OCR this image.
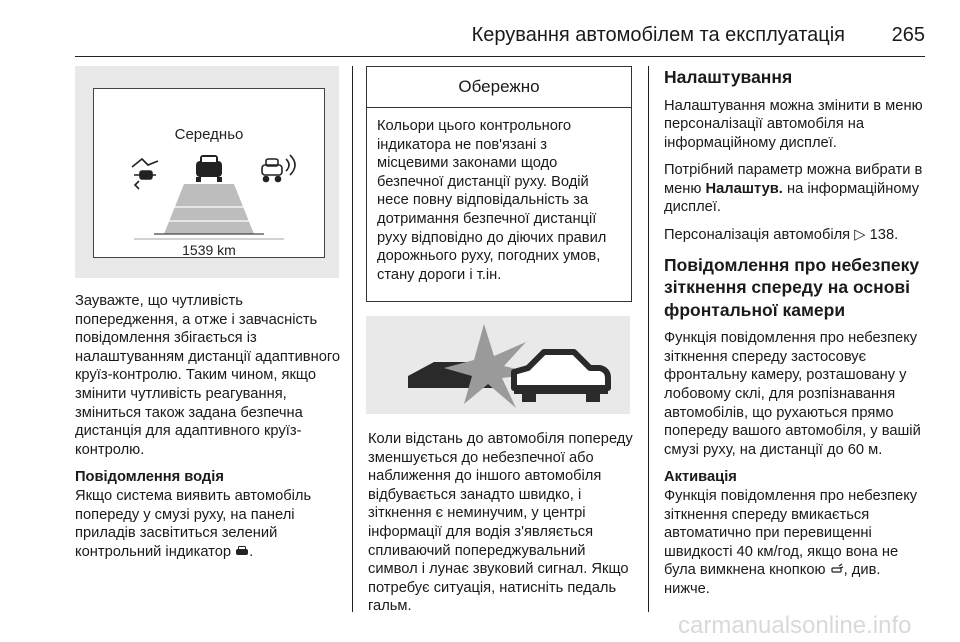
Керування автомобілем та експлуатація 265
Середньо
1539 km

Зауважте, що чутливість попередження, а отже і завчасність повідомлення збігається із налаштуванням дистанції адаптивного круїз-контролю. Таким чином, якщо змінити чутливість реагування, зміниться також задана безпечна дистанція для адаптивного круїз-контролю.

Повідомлення водія

Якщо система виявить автомобіль попереду у смузі руху, на панелі приладів засвітиться зелений контрольний індикатор .

Обережно
Кольори цього контрольного індикатора не пов'язані з місцевими законами щодо безпечної дистанції руху. Водій несе повну відповідальність за дотримання безпечної дистанції руху відповідно до діючих правил дорожнього руху, погодних умов, стану дороги і т.ін.

Коли відстань до автомобіля попереду зменшується до небезпечної або наближення до іншого автомобіля відбувається занадто швидко, і зіткнення є неминучим, у центрі інформації для водія з'являється спливаючий попереджувальний символ і лунає звуковий сигнал. Якщо потребує ситуація, натисніть педаль гальм.

Налаштування

Налаштування можна змінити в меню персоналізації автомобіля на інформаційному дисплеї.

Потрібний параметр можна вибрати в меню Налаштув. на інформаційному дисплеї.

Персоналізація автомобіля ▷ 138.

Повідомлення про небезпеку зіткнення спереду на основі фронтальної камери

Функція повідомлення про небезпеку зіткнення спереду застосовує фронтальну камеру, розташовану у лобовому склі, для розпізнавання автомобілів, що рухаються прямо попереду вашого автомобіля, у вашій смузі руху, на дистанції до 60 м.

Активація

Функція повідомлення про небезпеку зіткнення спереду вмикається автоматично при перевищенні швидкості 40 км/год, якщо вона не була вимкнена кнопкою , див. нижче.

carmanualsonline.info
